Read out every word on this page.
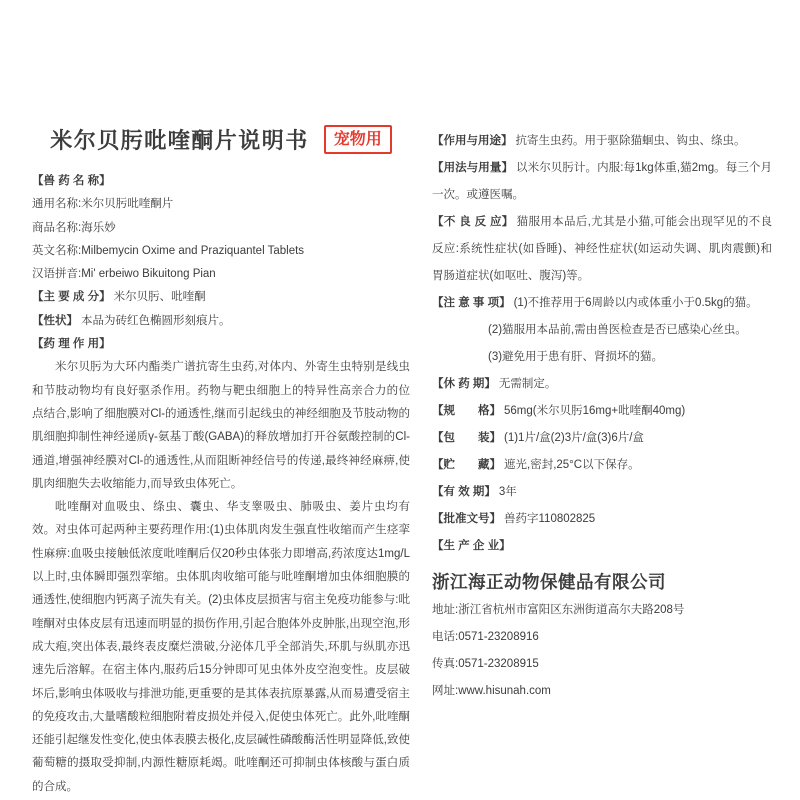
米尔贝肟吡喹酮片说明书	宠物用
【兽 药 名 称】
通用名称:米尔贝肟吡喹酮片
商品名称:海乐妙
英文名称:Milbemycin Oxime and Praziquantel Tablets
汉语拼音:Mi' erbeiwo Bikuitong Pian
【主 要 成 分】 米尔贝肟、吡喹酮
【性状】 本品为砖红色椭圆形刻痕片。
【药 理 作 用】

米尔贝肟为大环内酯类广谱抗寄生虫药,对体内、外寄生虫特别是线虫和节肢动物均有良好驱杀作用。药物与靶虫细胞上的特异性高亲合力的位点结合,影响了细胞膜对Cl-的通透性,继而引起线虫的神经细胞及节肢动物的肌细胞抑制性神经递质γ-氨基丁酸(GABA)的释放增加打开谷氨酸控制的Cl-通道,增强神经膜对Cl-的通透性,从而阻断神经信号的传递,最终神经麻痹,使肌肉细胞失去收缩能力,而导致虫体死亡。

吡喹酮对血吸虫、绦虫、囊虫、华支睾吸虫、肺吸虫、姜片虫均有效。对虫体可起两种主要药理作用:(1)虫体肌肉发生强直性收缩而产生痉挛性麻痹:血吸虫接触低浓度吡喹酮后仅20秒虫体张力即增高,药浓度达1mg/L以上时,虫体瞬即强烈挛缩。虫体肌肉收缩可能与吡喹酮增加虫体细胞膜的通透性,使细胞内钙离子流失有关。(2)虫体皮层损害与宿主免疫功能参与:吡喹酮对虫体皮层有迅速而明显的损伤作用,引起合胞体外皮肿胀,出现空泡,形成大疱,突出体表,最终表皮糜烂溃破,分泌体几乎全部消失,环肌与纵肌亦迅速先后溶解。在宿主体内,服药后15分钟即可见虫体外皮空泡变性。皮层破坏后,影响虫体吸收与排泄功能,更重要的是其体表抗原暴露,从而易遭受宿主的免疫攻击,大量嗜酸粒细胞附着皮损处并侵入,促使虫体死亡。此外,吡喹酮还能引起继发性变化,使虫体表膜去极化,皮层碱性磷酸酶活性明显降低,致使葡萄糖的摄取受抑制,内源性糖原耗竭。吡喹酮还可抑制虫体核酸与蛋白质的合成。

【作用与用途】 抗寄生虫药。用于驱除猫蛔虫、钩虫、绦虫。
【用法与用量】 以米尔贝肟计。内服:每1kg体重,猫2mg。每三个月一次。或遵医嘱。
【不 良 反 应】 猫服用本品后,尤其是小猫,可能会出现罕见的不良反应:系统性症状(如昏睡)、神经性症状(如运动失调、肌肉震颤)和胃肠道症状(如呕吐、腹泻)等。
【注 意 事 项】 (1)不推荐用于6周龄以内或体重小于0.5kg的猫。
(2)猫服用本品前,需由兽医检查是否已感染心丝虫。
(3)避免用于患有肝、肾损坏的猫。
【休 药 期】 无需制定。
【规　　格】 56mg(米尔贝肟16mg+吡喹酮40mg)
【包　　装】 (1)1片/盒(2)3片/盒(3)6片/盒
【贮　　藏】 遮光,密封,25°C以下保存。
【有 效 期】 3年
【批准文号】 兽药字110802825
【生 产 企 业】
浙江海正动物保健品有限公司
地址:浙江省杭州市富阳区东洲街道高尔夫路208号
电话:0571-23208916
传真:0571-23208915
网址:www.hisunah.com
